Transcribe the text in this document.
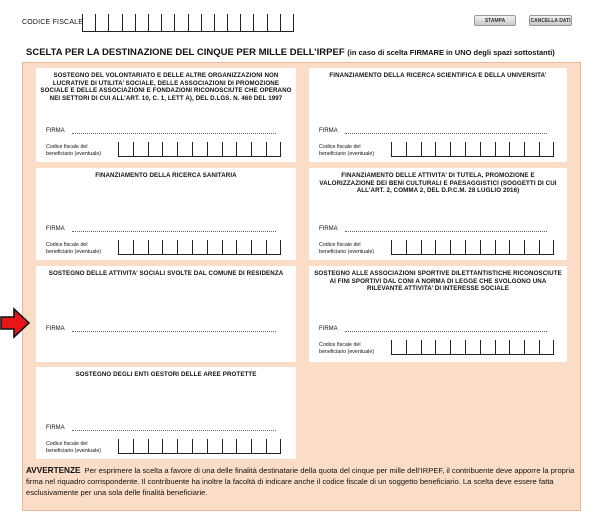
CODICE FISCALE	STAMPA	CANCELLA DATI
SCELTA PER LA DESTINAZIONE DEL CINQUE PER MILLE DELL’IRPEF (in caso di scelta FIRMARE in UNO degli spazi sottostanti)
SOSTEGNO DEL VOLONTARIATO E DELLE ALTRE ORGANIZZAZIONI NON LUCRATIVE DI UTILITA’ SOCIALE, DELLE ASSOCIAZIONI DI PROMOZIONE SOCIALE E DELLE ASSOCIAZIONI E FONDAZIONI RICONOSCIUTE CHE OPERANO NEI SETTORI DI CUI ALL’ART. 10, C. 1, LETT A), DEL D.LGS. N. 460 DEL 1997
FIRMA
Codice fiscale del
beneficiario (eventuale)
FINANZIAMENTO DELLA RICERCA SCIENTIFICA E DELLA UNIVERSITA’
FIRMA
Codice fiscale del
beneficiario (eventuale)
FINANZIAMENTO DELLA RICERCA SANITARIA
FIRMA
Codice fiscale del
beneficiario (eventuale)
FINANZIAMENTO DELLE ATTIVITA’ DI TUTELA, PROMOZIONE E VALORIZZAZIONE DEI BENI CULTURALI E PAESAGGISTICI (SOGGETTI DI CUI ALL’ART. 2, COMMA 2, DEL D.P.C.M. 28 LUGLIO 2016)
FIRMA
Codice fiscale del
beneficiario (eventuale)
SOSTEGNO DELLE ATTIVITA’ SOCIALI SVOLTE DAL COMUNE DI RESIDENZA
FIRMA
SOSTEGNO ALLE ASSOCIAZIONI SPORTIVE DILETTANTISTICHE RICONOSCIUTE AI FINI SPORTIVI DAL CONI A NORMA DI LEGGE CHE SVOLGONO UNA RILEVANTE ATTIVITA’ DI INTERESSE SOCIALE
FIRMA
Codice fiscale del
beneficiario (eventuale)
SOSTEGNO DEGLI ENTI GESTORI DELLE AREE PROTETTE
FIRMA
Codice fiscale del
beneficiario (eventuale)
AVVERTENZE Per esprimere la scelta a favore di una delle finalità destinatarie della quota del cinque per mille dell’IRPEF, il contribuente deve apporre la propria firma nel riquadro corrispondente. Il contribuente ha inoltre la facoltà di indicare anche il codice fiscale di un soggetto beneficiario. La scelta deve essere fatta esclusivamente per una sola delle finalità beneficiarie.
